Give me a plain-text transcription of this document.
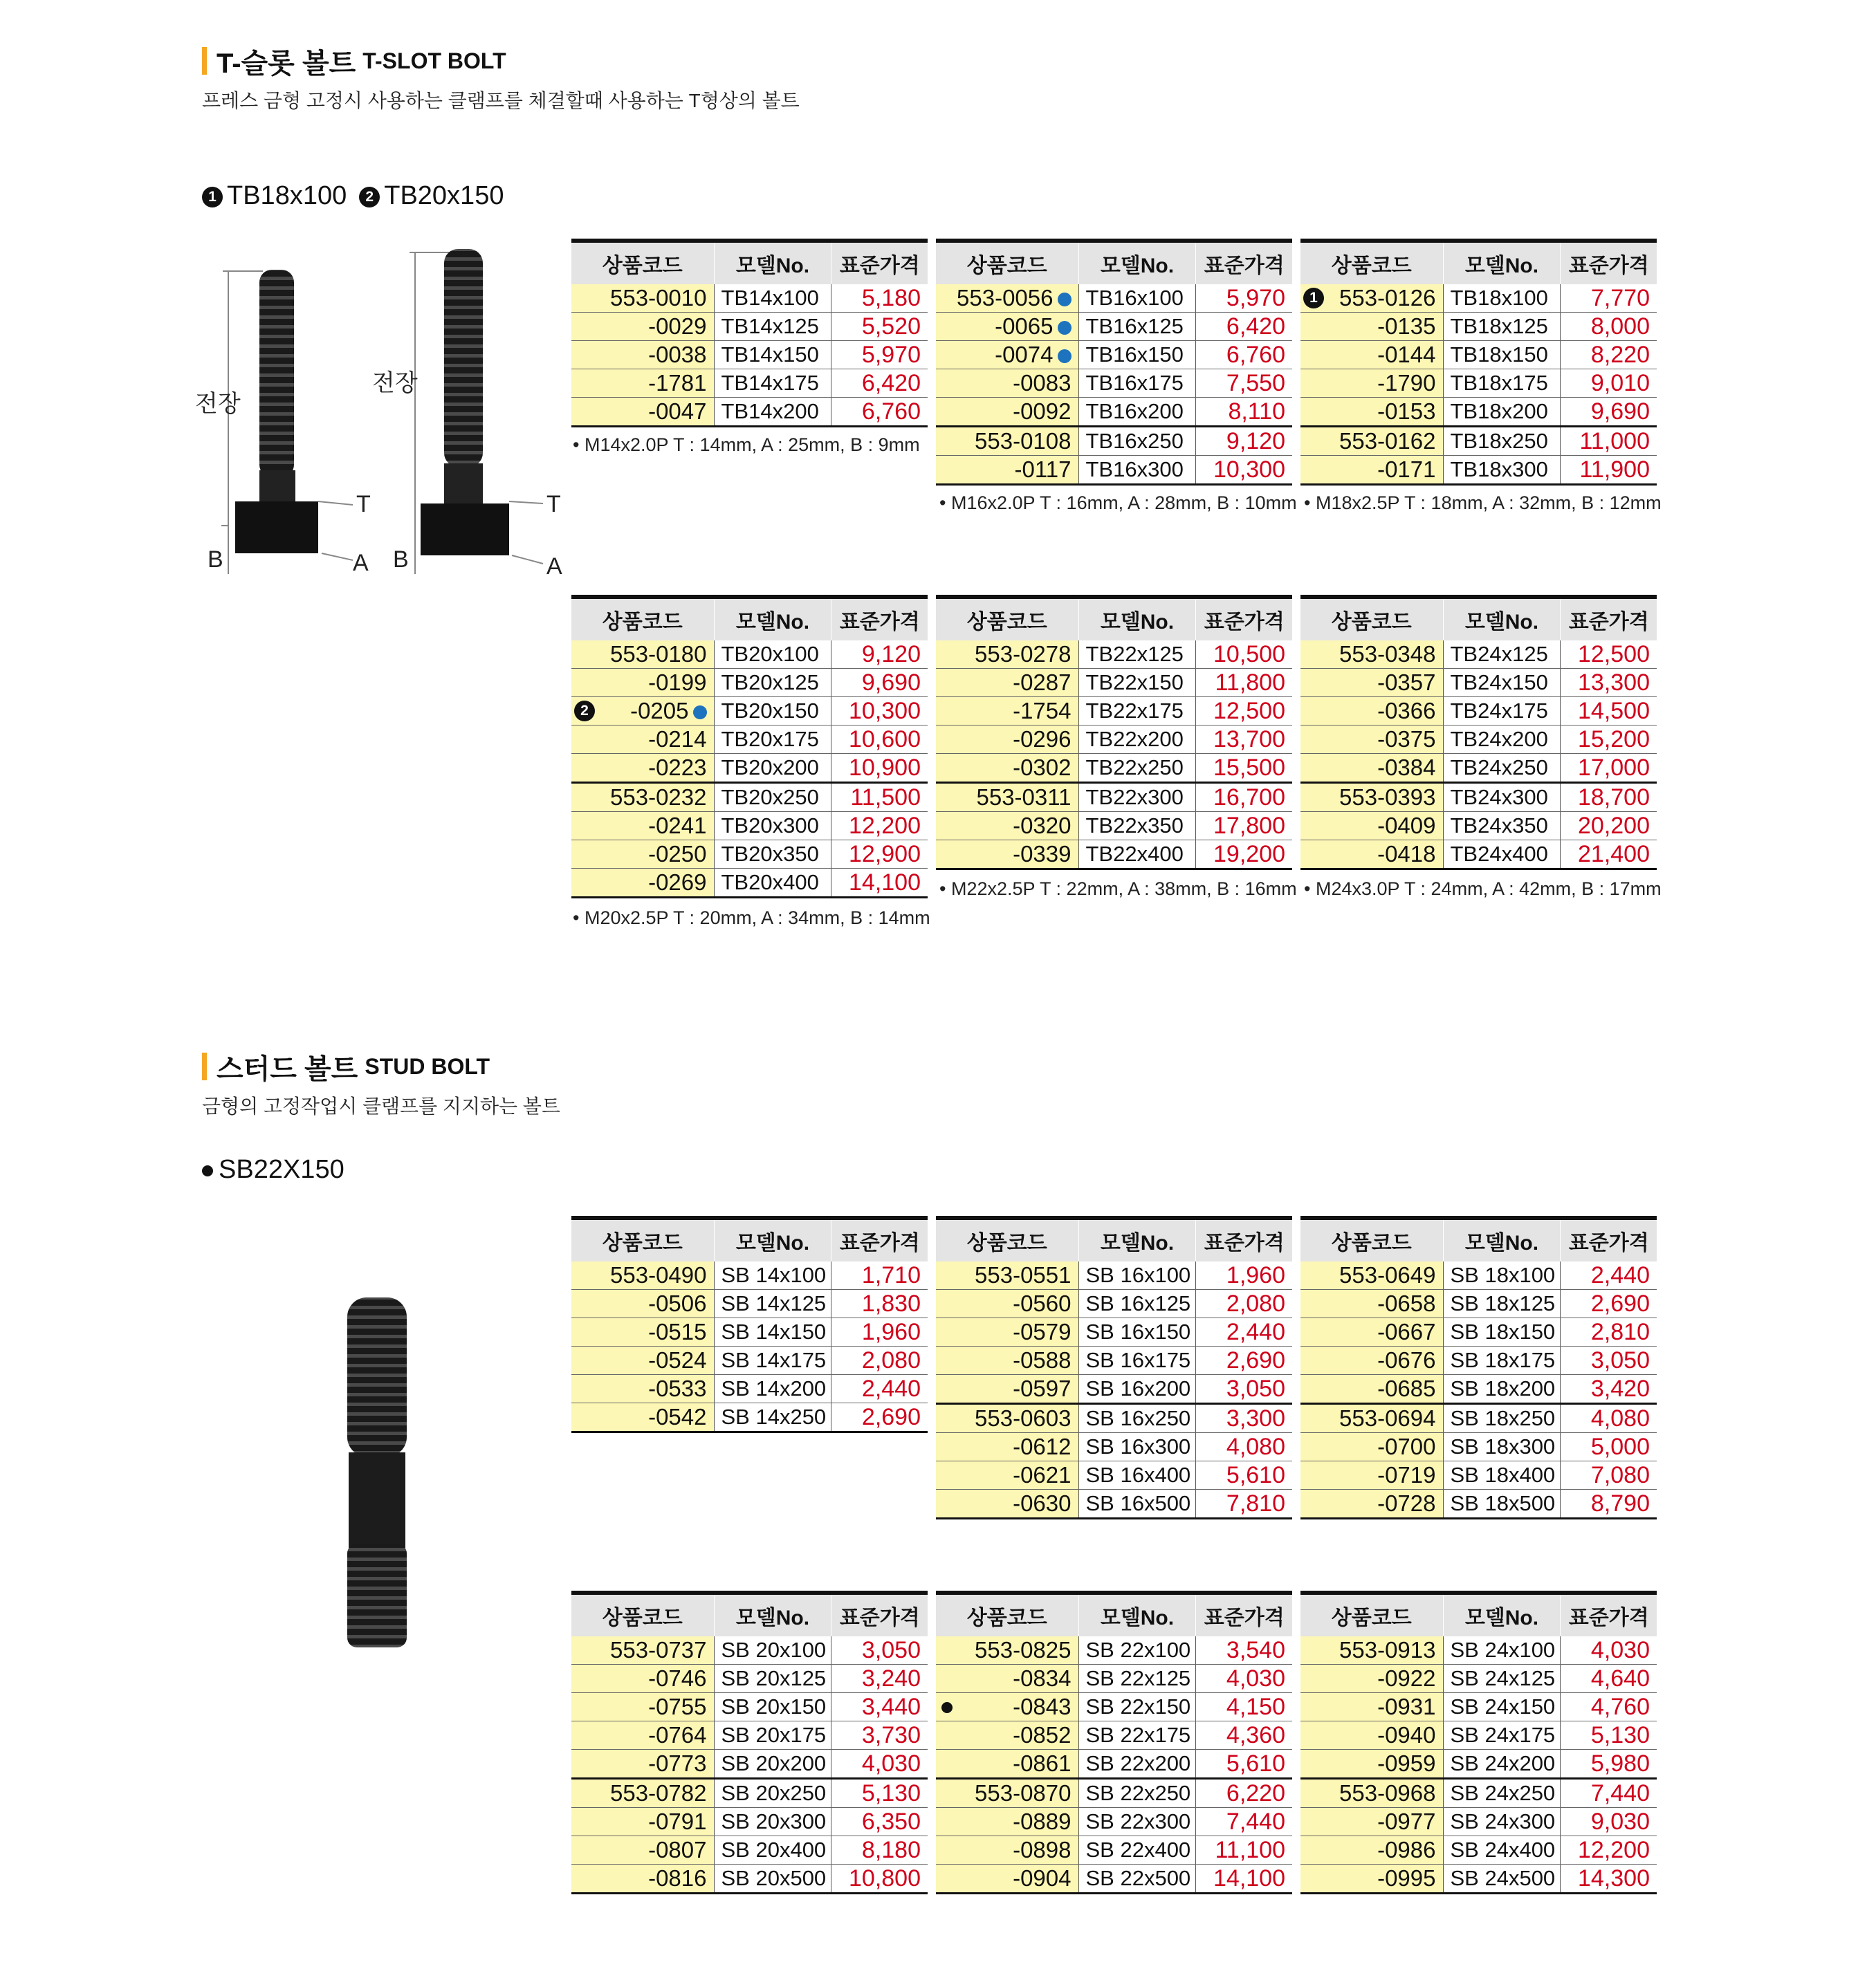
T-슬롯 볼트 T-SLOT BOLT
프레스 금형 고정시 사용하는 클램프를 체결할때 사용하는 T형상의 볼트
1 TB18x100	2 TB20x150
전장
T
A
B
전장
T
A
B
상품코드	모델No.	표준가격
553-0010	TB14x100	5,180
-0029	TB14x125	5,520
-0038	TB14x150	5,970
-1781	TB14x175	6,420
-0047	TB14x200	6,760
상품코드	모델No.	표준가격
553-0056	TB16x100	5,970
-0065	TB16x125	6,420
-0074	TB16x150	6,760
-0083	TB16x175	7,550
-0092	TB16x200	8,110
553-0108	TB16x250	9,120
-0117	TB16x300	10,300
상품코드	모델No.	표준가격

1 553-0126	TB18x100	7,770
-0135	TB18x125	8,000
-0144	TB18x150	8,220
-1790	TB18x175	9,010
-0153	TB18x200	9,690
553-0162	TB18x250	11,000
-0171	TB18x300	11,900
상품코드	모델No.	표준가격
553-0180	TB20x100	9,120
-0199	TB20x125	9,690

2 -0205	TB20x150	10,300
-0214	TB20x175	10,600
-0223	TB20x200	10,900
553-0232	TB20x250	11,500
-0241	TB20x300	12,200
-0250	TB20x350	12,900
-0269	TB20x400	14,100
상품코드	모델No.	표준가격
553-0278	TB22x125	10,500
-0287	TB22x150	11,800
-1754	TB22x175	12,500
-0296	TB22x200	13,700
-0302	TB22x250	15,500
553-0311	TB22x300	16,700
-0320	TB22x350	17,800
-0339	TB22x400	19,200
상품코드	모델No.	표준가격
553-0348	TB24x125	12,500
-0357	TB24x150	13,300
-0366	TB24x175	14,500
-0375	TB24x200	15,200
-0384	TB24x250	17,000
553-0393	TB24x300	18,700
-0409	TB24x350	20,200
-0418	TB24x400	21,400
• M14x2.0P T : 14mm, A : 25mm, B : 9mm
• M16x2.0P T : 16mm, A : 28mm, B : 10mm • M18x2.5P T : 18mm, A : 32mm, B : 12mm
• M20x2.5P T : 20mm, A : 34mm, B : 14mm
• M22x2.5P T : 22mm, A : 38mm, B : 16mm • M24x3.0P T : 24mm, A : 42mm, B : 17mm
스터드 볼트 STUD BOLT
금형의 고정작업시 클램프를 지지하는 볼트
SB22X150
상품코드	모델No.	표준가격
553-0490	SB 14x100	1,710
-0506	SB 14x125	1,830
-0515	SB 14x150	1,960
-0524	SB 14x175	2,080
-0533	SB 14x200	2,440
-0542	SB 14x250	2,690
상품코드	모델No.	표준가격
553-0551	SB 16x100	1,960
-0560	SB 16x125	2,080
-0579	SB 16x150	2,440
-0588	SB 16x175	2,690
-0597	SB 16x200	3,050
553-0603	SB 16x250	3,300
-0612	SB 16x300	4,080
-0621	SB 16x400	5,610
-0630	SB 16x500	7,810
상품코드	모델No.	표준가격
553-0649	SB 18x100	2,440
-0658	SB 18x125	2,690
-0667	SB 18x150	2,810
-0676	SB 18x175	3,050
-0685	SB 18x200	3,420
553-0694	SB 18x250	4,080
-0700	SB 18x300	5,000
-0719	SB 18x400	7,080
-0728	SB 18x500	8,790
상품코드	모델No.	표준가격
553-0737	SB 20x100	3,050
-0746	SB 20x125	3,240
-0755	SB 20x150	3,440
-0764	SB 20x175	3,730
-0773	SB 20x200	4,030
553-0782	SB 20x250	5,130
-0791	SB 20x300	6,350
-0807	SB 20x400	8,180
-0816	SB 20x500	10,800
상품코드	모델No.	표준가격
553-0825	SB 22x100	3,540
-0834	SB 22x125	4,030

-0843	SB 22x150	4,150
-0852	SB 22x175	4,360
-0861	SB 22x200	5,610
553-0870	SB 22x250	6,220
-0889	SB 22x300	7,440
-0898	SB 22x400	11,100
-0904	SB 22x500	14,100
상품코드	모델No.	표준가격
553-0913	SB 24x100	4,030
-0922	SB 24x125	4,640
-0931	SB 24x150	4,760
-0940	SB 24x175	5,130
-0959	SB 24x200	5,980
553-0968	SB 24x250	7,440
-0977	SB 24x300	9,030
-0986	SB 24x400	12,200
-0995	SB 24x500	14,300
